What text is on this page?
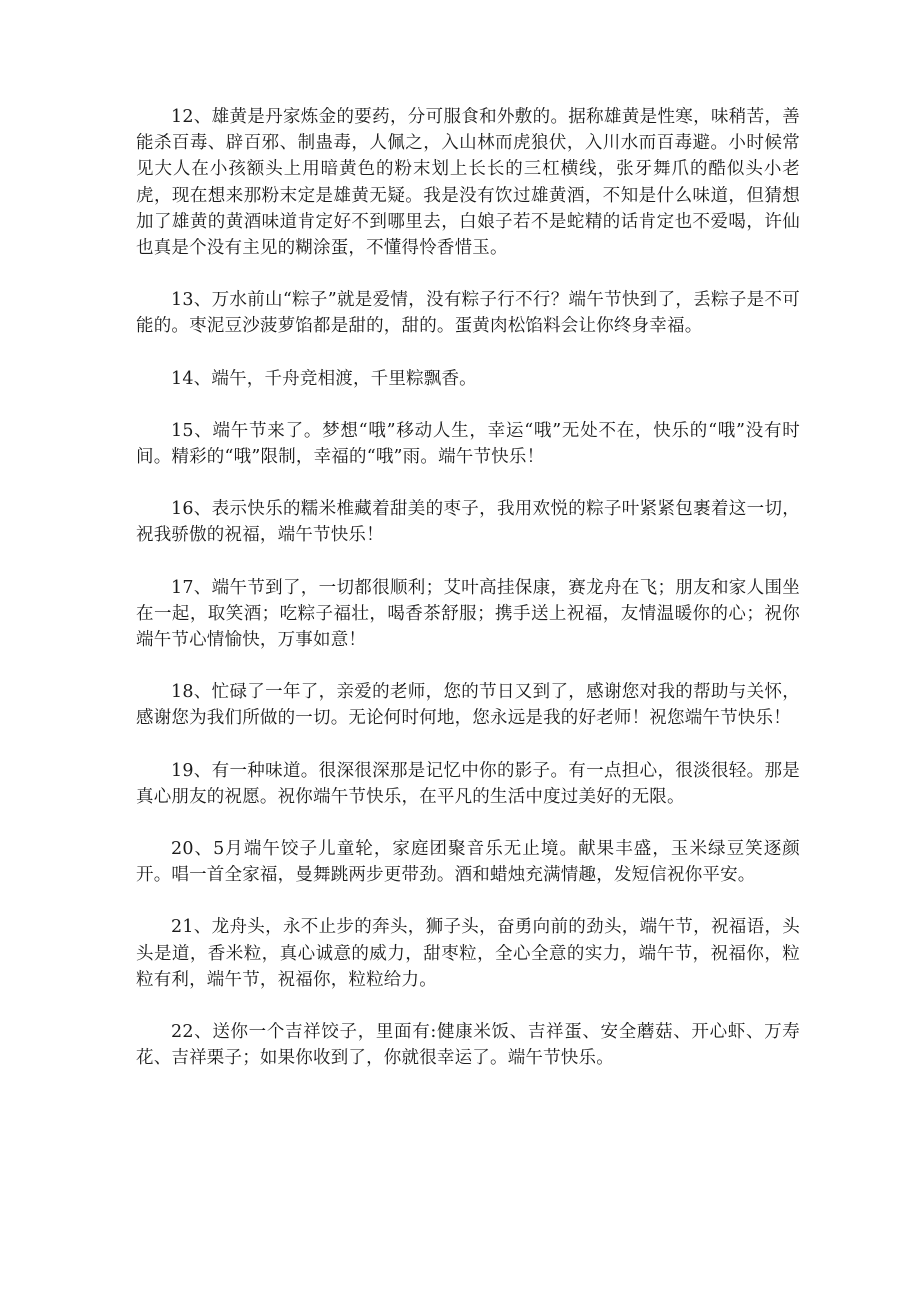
12、雄黄是丹家炼金的要药，分可服食和外敷的。据称雄黄是性寒，味稍苦，善能杀百毒、辟百邪、制蛊毒，人佩之，入山林而虎狼伏，入川水而百毒避。小时候常见大人在小孩额头上用暗黄色的粉末划上长长的三杠横线，张牙舞爪的酷似头小老虎，现在想来那粉末定是雄黄无疑。我是没有饮过雄黄酒，不知是什么味道，但猜想加了雄黄的黄酒味道肯定好不到哪里去，白娘子若不是蛇精的话肯定也不爱喝，许仙也真是个没有主见的糊涂蛋，不懂得怜香惜玉。

13、万水前山“粽子”就是爱情，没有粽子行不行？端午节快到了，丢粽子是不可能的。枣泥豆沙菠萝馅都是甜的，甜的。蛋黄肉松馅料会让你终身幸福。

14、端午，千舟竞相渡，千里粽飘香。

15、端午节来了。梦想“哦”移动人生，幸运“哦”无处不在，快乐的“哦”没有时间。精彩的“哦”限制，幸福的“哦”雨。端午节快乐！

16、表示快乐的糯米椎藏着甜美的枣子，我用欢悦的粽子叶紧紧包裹着这一切，祝我骄傲的祝福，端午节快乐！

17、端午节到了，一切都很顺利；艾叶高挂保康，赛龙舟在飞；朋友和家人围坐在一起，取笑酒；吃粽子福壮，喝香茶舒服；携手送上祝福，友情温暖你的心；祝你端午节心情愉快，万事如意！

18、忙碌了一年了，亲爱的老师，您的节日又到了，感谢您对我的帮助与关怀，感谢您为我们所做的一切。无论何时何地，您永远是我的好老师！祝您端午节快乐！

19、有一种味道。很深很深那是记忆中你的影子。有一点担心，很淡很轻。那是真心朋友的祝愿。祝你端午节快乐，在平凡的生活中度过美好的无限。

20、5月端午饺子儿童轮，家庭团聚音乐无止境。献果丰盛，玉米绿豆笑逐颜开。唱一首全家福，曼舞跳两步更带劲。酒和蜡烛充满情趣，发短信祝你平安。

21、龙舟头，永不止步的奔头，狮子头，奋勇向前的劲头，端午节，祝福语，头头是道，香米粒，真心诚意的威力，甜枣粒，全心全意的实力，端午节，祝福你，粒粒有利，端午节，祝福你，粒粒给力。

22、送你一个吉祥饺子，里面有:健康米饭、吉祥蛋、安全蘑菇、开心虾、万寿花、吉祥栗子；如果你收到了，你就很幸运了。端午节快乐。
